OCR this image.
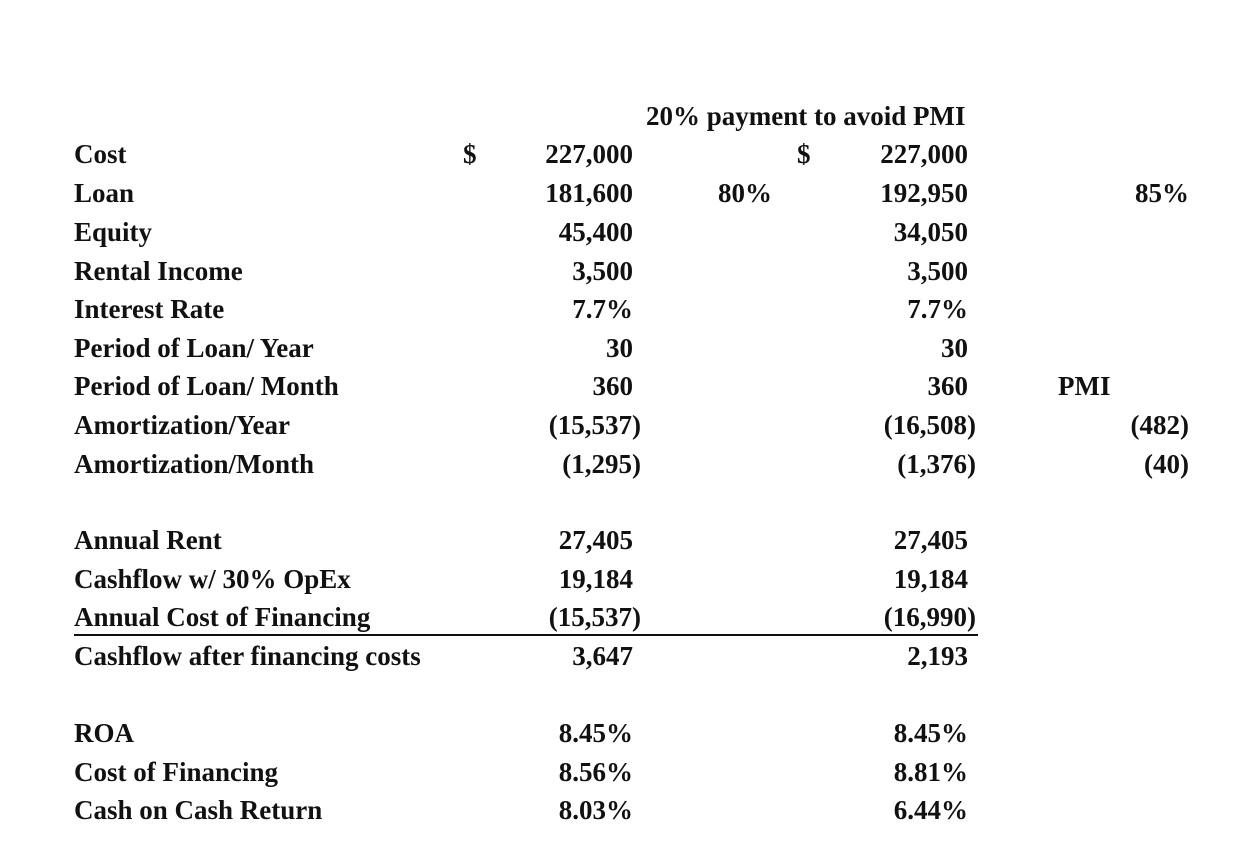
20% payment to avoid PMI
Cost	$	227,000	$	227,000
Loan	181,600	80%	192,950	85%
Equity	45,400	34,050
Rental Income	3,500	3,500
Interest Rate	7.7%	7.7%
Period of Loan/ Year	30	30
Period of Loan/ Month	360	360	PMI
Amortization/Year	(15,537)	(16,508)	(482)
Amortization/Month	(1,295)	(1,376)	(40)
Annual Rent	27,405	27,405
Cashflow w/ 30% OpEx	19,184	19,184
Annual Cost of Financing	(15,537)	(16,990)
Cashflow after financing costs	3,647	2,193
ROA	8.45%	8.45%
Cost of Financing	8.56%	8.81%
Cash on Cash Return	8.03%	6.44%
